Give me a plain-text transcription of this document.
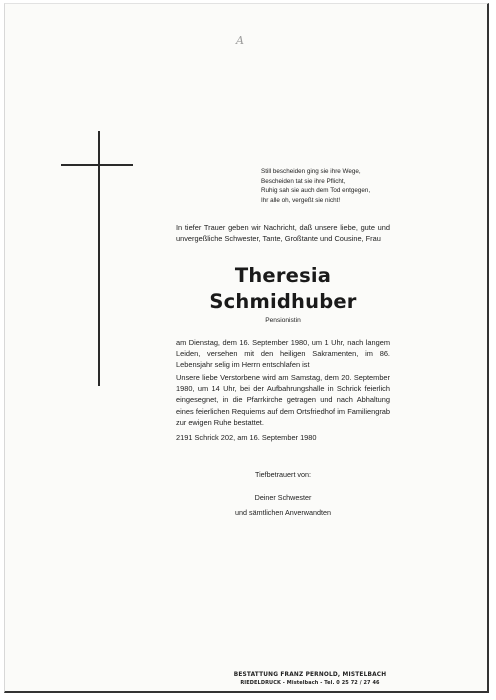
A
Still bescheiden ging sie ihre Wege,
Bescheiden tat sie ihre Pflicht,
Ruhig sah sie auch dem Tod entgegen,
Ihr alle oh, vergeßt sie nicht!
In tiefer Trauer geben wir Nachricht, daß unsere liebe, gute und unvergeßliche Schwester, Tante, Großtante und Cousine, Frau
Theresia
Schmidhuber
Pensionistin
am Dienstag, dem 16. September 1980, um 1 Uhr, nach langem Leiden, versehen mit den heiligen Sakramenten, im 86. Lebensjahr selig im Herrn entschlafen ist
Unsere liebe Verstorbene wird am Samstag, dem 20. September 1980, um 14 Uhr, bei der Aufbahrungshalle in Schrick feierlich eingesegnet, in die Pfarrkirche getragen und nach Abhaltung eines feierlichen Requiems auf dem Ortsfriedhof im Familiengrab zur ewigen Ruhe bestattet.
2191 Schrick 202, am 16. September 1980
Tiefbetrauert von:
Deiner Schwester
und sämtlichen Anverwandten
BESTATTUNG FRANZ PERNOLD, MISTELBACH
RIEDELDRUCK - Mistelbach - Tel. 0 25 72 / 27 46
